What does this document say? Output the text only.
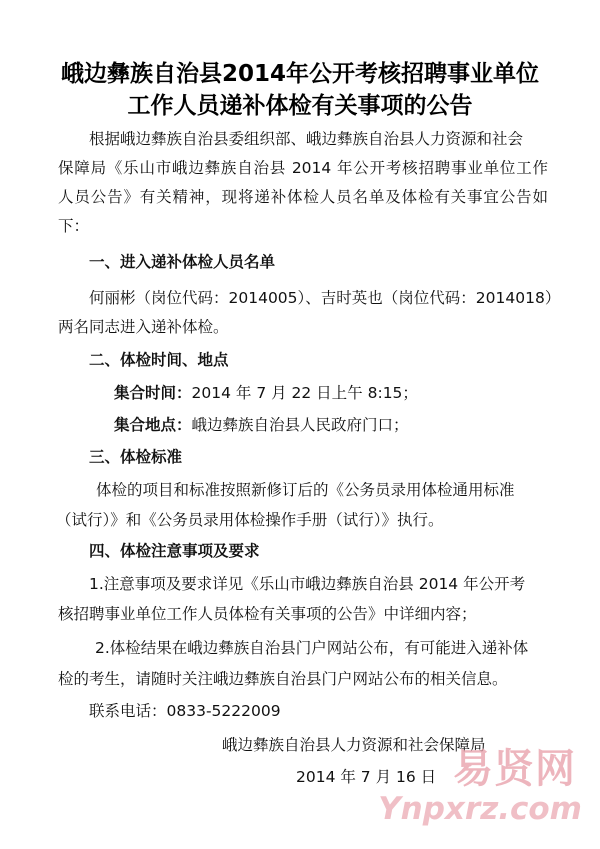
峨边彝族自治县2014年公开考核招聘事业单位
工作人员递补体检有关事项的公告

根据峨边彝族自治县委组织部、峨边彝族自治县人力资源和社会

保障局《乐山市峨边彝族自治县 2014 年公开考核招聘事业单位工作

人员公告》有关精神，现将递补体检人员名单及体检有关事宜公告如

下：

一、进入递补体检人员名单

何丽彬（岗位代码：2014005）、吉时英也（岗位代码：2014018）

两名同志进入递补体检。

二、体检时间、地点

集合时间：2014 年 7 月 22 日上午 8:15；

集合地点：峨边彝族自治县人民政府门口；

三、体检标准

体检的项目和标准按照新修订后的《公务员录用体检通用标准

（试行）》和《公务员录用体检操作手册（试行）》执行。

四、体检注意事项及要求

1.注意事项及要求详见《乐山市峨边彝族自治县 2014 年公开考

核招聘事业单位工作人员体检有关事项的公告》中详细内容；

2.体检结果在峨边彝族自治县门户网站公布，有可能进入递补体

检的考生，请随时关注峨边彝族自治县门户网站公布的相关信息。

联系电话：0833-5222009

峨边彝族自治县人力资源和社会保障局

2014 年 7 月 16 日 易贤网
Ynpxrz.com
